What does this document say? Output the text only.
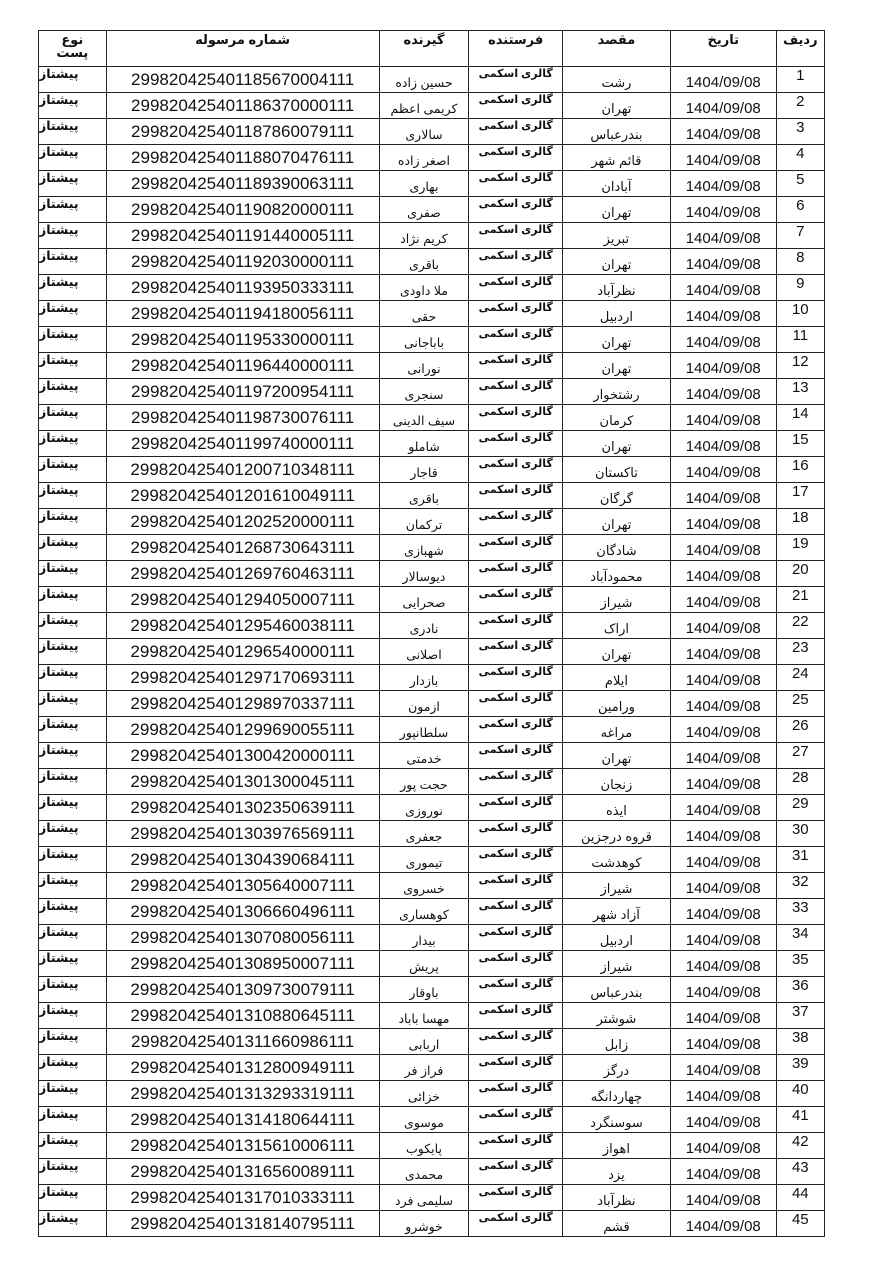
ردیف	تاریخ	مقصد	فرستنده	گیرنده	شماره مرسوله	نوع
پست

1	1404/09/08	رشت	گالری اسکمی	حسین زاده	299820425401185670004111	پیشتاز
2	1404/09/08	تهران	گالری اسکمی	کریمی اعظم	299820425401186370000111	پیشتاز
3	1404/09/08	بندرعباس	گالری اسکمی	سالاری	299820425401187860079111	پیشتاز
4	1404/09/08	قائم شهر	گالری اسکمی	اصغر زاده	299820425401188070476111	پیشتاز
5	1404/09/08	آبادان	گالری اسکمی	بهاری	299820425401189390063111	پیشتاز
6	1404/09/08	تهران	گالری اسکمی	صفری	299820425401190820000111	پیشتاز
7	1404/09/08	تبریز	گالری اسکمی	کریم نژاد	299820425401191440005111	پیشتاز
8	1404/09/08	تهران	گالری اسکمی	باقری	299820425401192030000111	پیشتاز
9	1404/09/08	نظرآباد	گالری اسکمی	ملا داودی	299820425401193950333111	پیشتاز
10	1404/09/08	اردبیل	گالری اسکمی	حقی	299820425401194180056111	پیشتاز
11	1404/09/08	تهران	گالری اسکمی	باباجانی	299820425401195330000111	پیشتاز
12	1404/09/08	تهران	گالری اسکمی	نورانی	299820425401196440000111	پیشتاز
13	1404/09/08	رشتخوار	گالری اسکمی	سنجری	299820425401197200954111	پیشتاز
14	1404/09/08	کرمان	گالری اسکمی	سیف الدینی	299820425401198730076111	پیشتاز
15	1404/09/08	تهران	گالری اسکمی	شاملو	299820425401199740000111	پیشتاز
16	1404/09/08	تاکستان	گالری اسکمی	قاجار	299820425401200710348111	پیشتاز
17	1404/09/08	گرگان	گالری اسکمی	باقری	299820425401201610049111	پیشتاز
18	1404/09/08	تهران	گالری اسکمی	ترکمان	299820425401202520000111	پیشتاز
19	1404/09/08	شادگان	گالری اسکمی	شهبازی	299820425401268730643111	پیشتاز
20	1404/09/08	محمودآباد	گالری اسکمی	دیوسالار	299820425401269760463111	پیشتاز
21	1404/09/08	شیراز	گالری اسکمی	صحرایی	299820425401294050007111	پیشتاز
22	1404/09/08	اراک	گالری اسکمی	نادری	299820425401295460038111	پیشتاز
23	1404/09/08	تهران	گالری اسکمی	اصلانی	299820425401296540000111	پیشتاز
24	1404/09/08	ایلام	گالری اسکمی	بازدار	299820425401297170693111	پیشتاز
25	1404/09/08	ورامین	گالری اسکمی	ازمون	299820425401298970337111	پیشتاز
26	1404/09/08	مراغه	گالری اسکمی	سلطانپور	299820425401299690055111	پیشتاز
27	1404/09/08	تهران	گالری اسکمی	خدمتی	299820425401300420000111	پیشتاز
28	1404/09/08	زنجان	گالری اسکمی	حجت پور	299820425401301300045111	پیشتاز
29	1404/09/08	ایذه	گالری اسکمی	نوروزی	299820425401302350639111	پیشتاز
30	1404/09/08	قروه درجزین	گالری اسکمی	جعفری	299820425401303976569111	پیشتاز
31	1404/09/08	کوهدشت	گالری اسکمی	تیموری	299820425401304390684111	پیشتاز
32	1404/09/08	شیراز	گالری اسکمی	خسروی	299820425401305640007111	پیشتاز
33	1404/09/08	آزاد شهر	گالری اسکمی	کوهساری	299820425401306660496111	پیشتاز
34	1404/09/08	اردبیل	گالری اسکمی	بیدار	299820425401307080056111	پیشتاز
35	1404/09/08	شیراز	گالری اسکمی	پریش	299820425401308950007111	پیشتاز
36	1404/09/08	بندرعباس	گالری اسکمی	باوقار	299820425401309730079111	پیشتاز
37	1404/09/08	شوشتر	گالری اسکمی	مهسا باباد	299820425401310880645111	پیشتاز
38	1404/09/08	زابل	گالری اسکمی	اربابی	299820425401311660986111	پیشتاز
39	1404/09/08	درگز	گالری اسکمی	فراز فر	299820425401312800949111	پیشتاز
40	1404/09/08	چهاردانگه	گالری اسکمی	خزائی	299820425401313293319111	پیشتاز
41	1404/09/08	سوسنگرد	گالری اسکمی	موسوی	299820425401314180644111	پیشتاز
42	1404/09/08	اهواز	گالری اسکمی	پایکوب	299820425401315610006111	پیشتاز
43	1404/09/08	یزد	گالری اسکمی	محمدی	299820425401316560089111	پیشتاز
44	1404/09/08	نظرآباد	گالری اسکمی	سلیمی فرد	299820425401317010333111	پیشتاز
45	1404/09/08	قشم	گالری اسکمی	خوشرو	299820425401318140795111	پیشتاز
